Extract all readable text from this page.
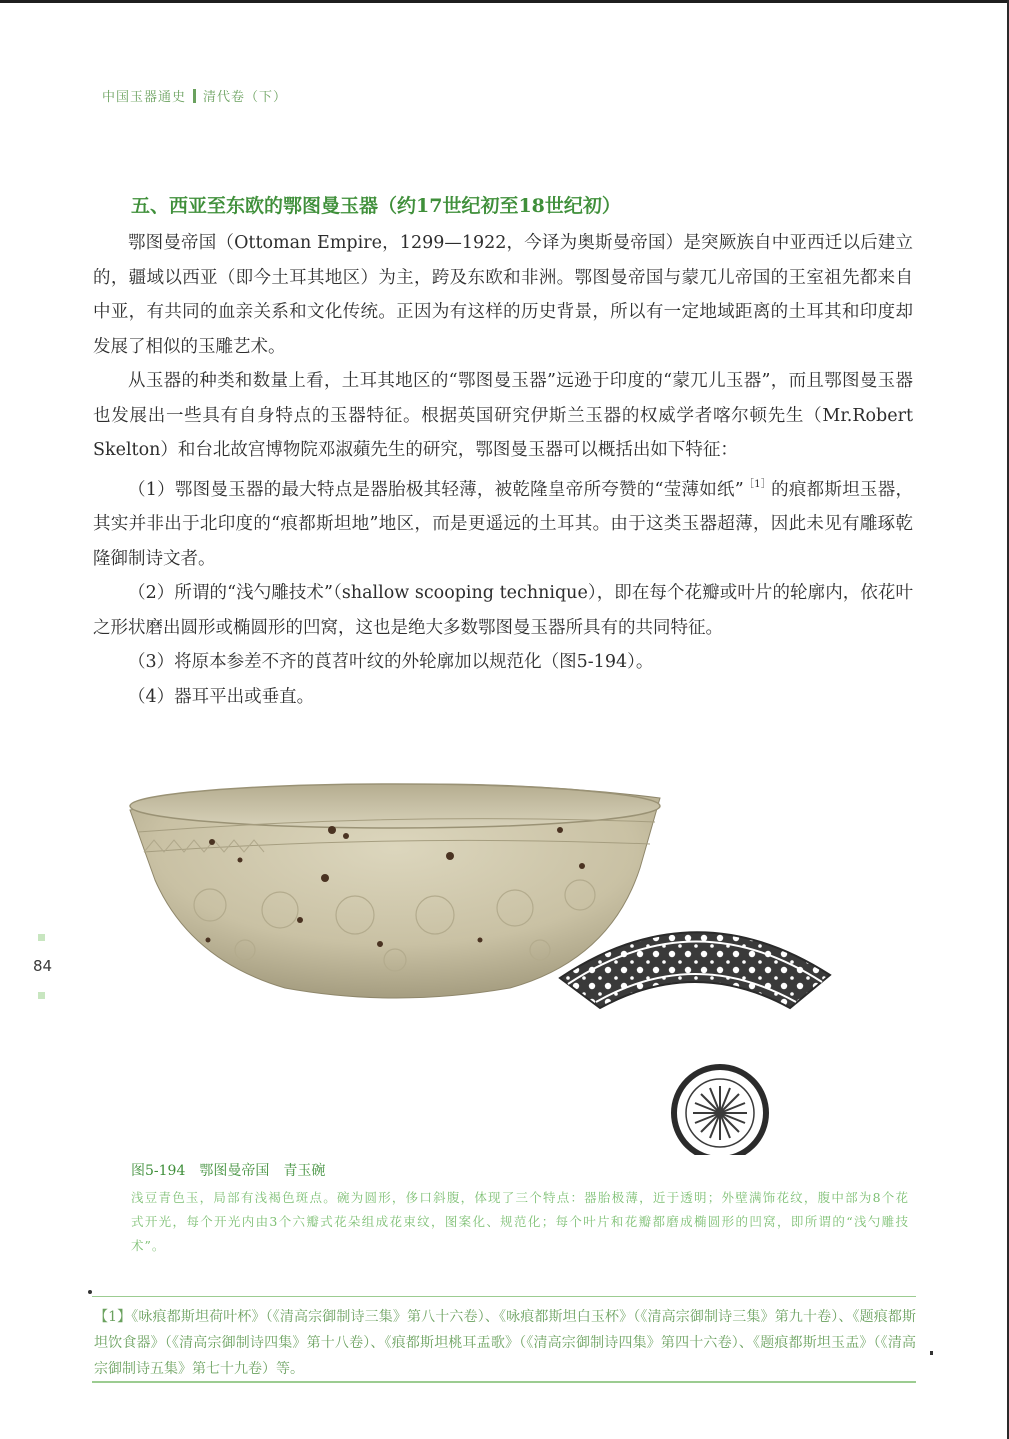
中国玉器通史 清代卷（下）
五、西亚至东欧的鄂图曼玉器（约17世纪初至18世纪初）

鄂图曼帝国（Ottoman Empire，1299—1922，今译为奥斯曼帝国）是突厥族自中亚西迁以后建立的，疆域以西亚（即今土耳其地区）为主，跨及东欧和非洲。鄂图曼帝国与蒙兀儿帝国的王室祖先都来自中亚，有共同的血亲关系和文化传统。正因为有这样的历史背景，所以有一定地域距离的土耳其和印度却发展了相似的玉雕艺术。

从玉器的种类和数量上看，土耳其地区的“鄂图曼玉器”远逊于印度的“蒙兀儿玉器”，而且鄂图曼玉器也发展出一些具有自身特点的玉器特征。根据英国研究伊斯兰玉器的权威学者喀尔顿先生（Mr.Robert Skelton）和台北故宫博物院邓淑蘋先生的研究，鄂图曼玉器可以概括出如下特征：

（1）鄂图曼玉器的最大特点是器胎极其轻薄，被乾隆皇帝所夸赞的“莹薄如纸”$^{[1]}$的痕都斯坦玉器，其实并非出于北印度的“痕都斯坦地”地区，而是更遥远的土耳其。由于这类玉器超薄，因此未见有雕琢乾隆御制诗文者。

（2）所谓的“浅勺雕技术”（shallow scooping technique），即在每个花瓣或叶片的轮廓内，依花叶之形状磨出圆形或椭圆形的凹窝，这也是绝大多数鄂图曼玉器所具有的共同特征。

（3）将原本参差不齐的莨苕叶纹的外轮廓加以规范化（图5-194）。

（4）器耳平出或垂直。

84
图5-194　鄂图曼帝国　青玉碗
浅豆青色玉，局部有浅褐色斑点。碗为圆形，侈口斜腹，体现了三个特点：器胎极薄，近于透明；外壁满饰花纹，腹中部为8个花式开光，每个开光内由3个六瓣式花朵组成花束纹，图案化、规范化；每个叶片和花瓣都磨成椭圆形的凹窝，即所谓的“浅勺雕技术”。
【1】《咏痕都斯坦荷叶杯》（《清高宗御制诗三集》第八十六卷）、《咏痕都斯坦白玉杯》（《清高宗御制诗三集》第九十卷）、《题痕都斯坦饮食器》（《清高宗御制诗四集》第十八卷）、《痕都斯坦桃耳盂歌》（《清高宗御制诗四集》第四十六卷）、《题痕都斯坦玉盂》（《清高宗御制诗五集》第七十九卷）等。
